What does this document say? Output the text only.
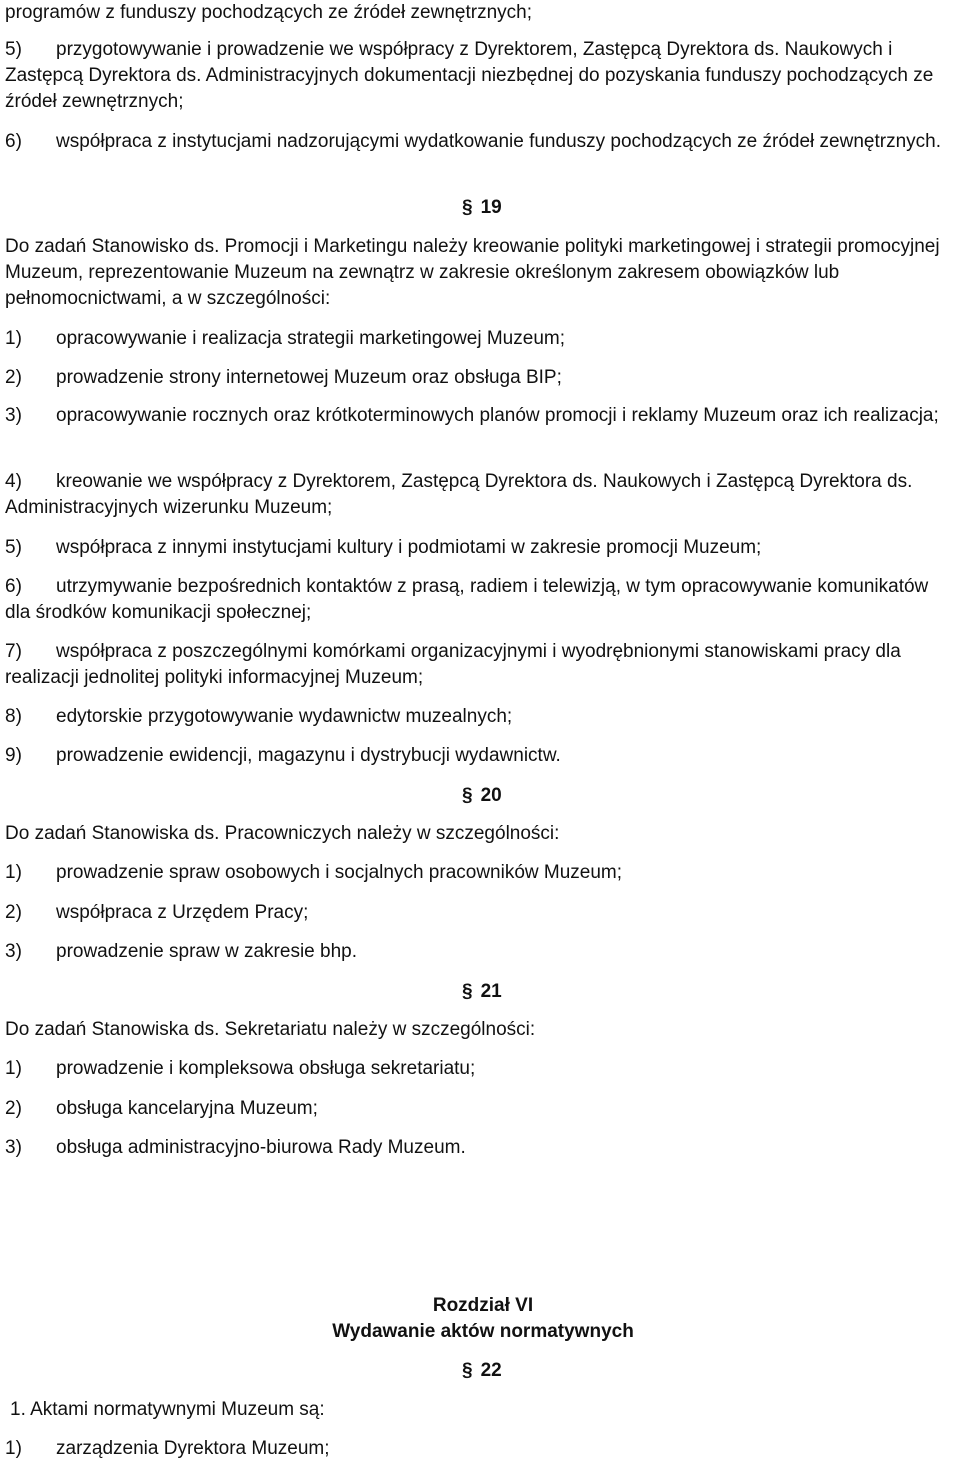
programów z funduszy pochodzących ze źródeł zewnętrznych;
5) przygotowywanie i prowadzenie we współpracy z Dyrektorem, Zastępcą Dyrektora ds. Naukowych i Zastępcą Dyrektora ds. Administracyjnych dokumentacji niezbędnej do pozyskania funduszy pochodzących ze źródeł zewnętrznych;
6) współpraca z instytucjami nadzorującymi wydatkowanie funduszy pochodzących ze źródeł zewnętrznych.
§ 19
Do zadań Stanowisko ds. Promocji i Marketingu należy kreowanie polityki marketingowej i strategii promocyjnej Muzeum, reprezentowanie Muzeum na zewnątrz w zakresie określonym zakresem obowiązków lub pełnomocnictwami, a w szczególności:
1) opracowywanie i realizacja strategii marketingowej Muzeum;
2) prowadzenie strony internetowej Muzeum oraz obsługa BIP;
3) opracowywanie rocznych oraz krótkoterminowych planów promocji i reklamy Muzeum oraz ich realizacja;
4) kreowanie we współpracy z Dyrektorem, Zastępcą Dyrektora ds. Naukowych i Zastępcą Dyrektora ds. Administracyjnych wizerunku Muzeum;
5) współpraca z innymi instytucjami kultury i podmiotami w zakresie promocji Muzeum;
6) utrzymywanie bezpośrednich kontaktów z prasą, radiem i telewizją, w tym opracowywanie komunikatów dla środków komunikacji społecznej;
7) współpraca z poszczególnymi komórkami organizacyjnymi i wyodrębnionymi stanowiskami pracy dla realizacji jednolitej polityki informacyjnej Muzeum;
8) edytorskie przygotowywanie wydawnictw muzealnych;
9) prowadzenie ewidencji, magazynu i dystrybucji wydawnictw.
§ 20
Do zadań Stanowiska ds. Pracowniczych należy w szczególności:
1) prowadzenie spraw osobowych i socjalnych pracowników Muzeum;
2) współpraca z Urzędem Pracy;
3) prowadzenie spraw w zakresie bhp.
§ 21
Do zadań Stanowiska ds. Sekretariatu należy w szczególności:
1) prowadzenie i kompleksowa obsługa sekretariatu;
2) obsługa kancelaryjna Muzeum;
3) obsługa administracyjno-biurowa Rady Muzeum.
Rozdział VI
Wydawanie aktów normatywnych
§ 22
1. Aktami normatywnymi Muzeum są:
1) zarządzenia Dyrektora Muzeum;
